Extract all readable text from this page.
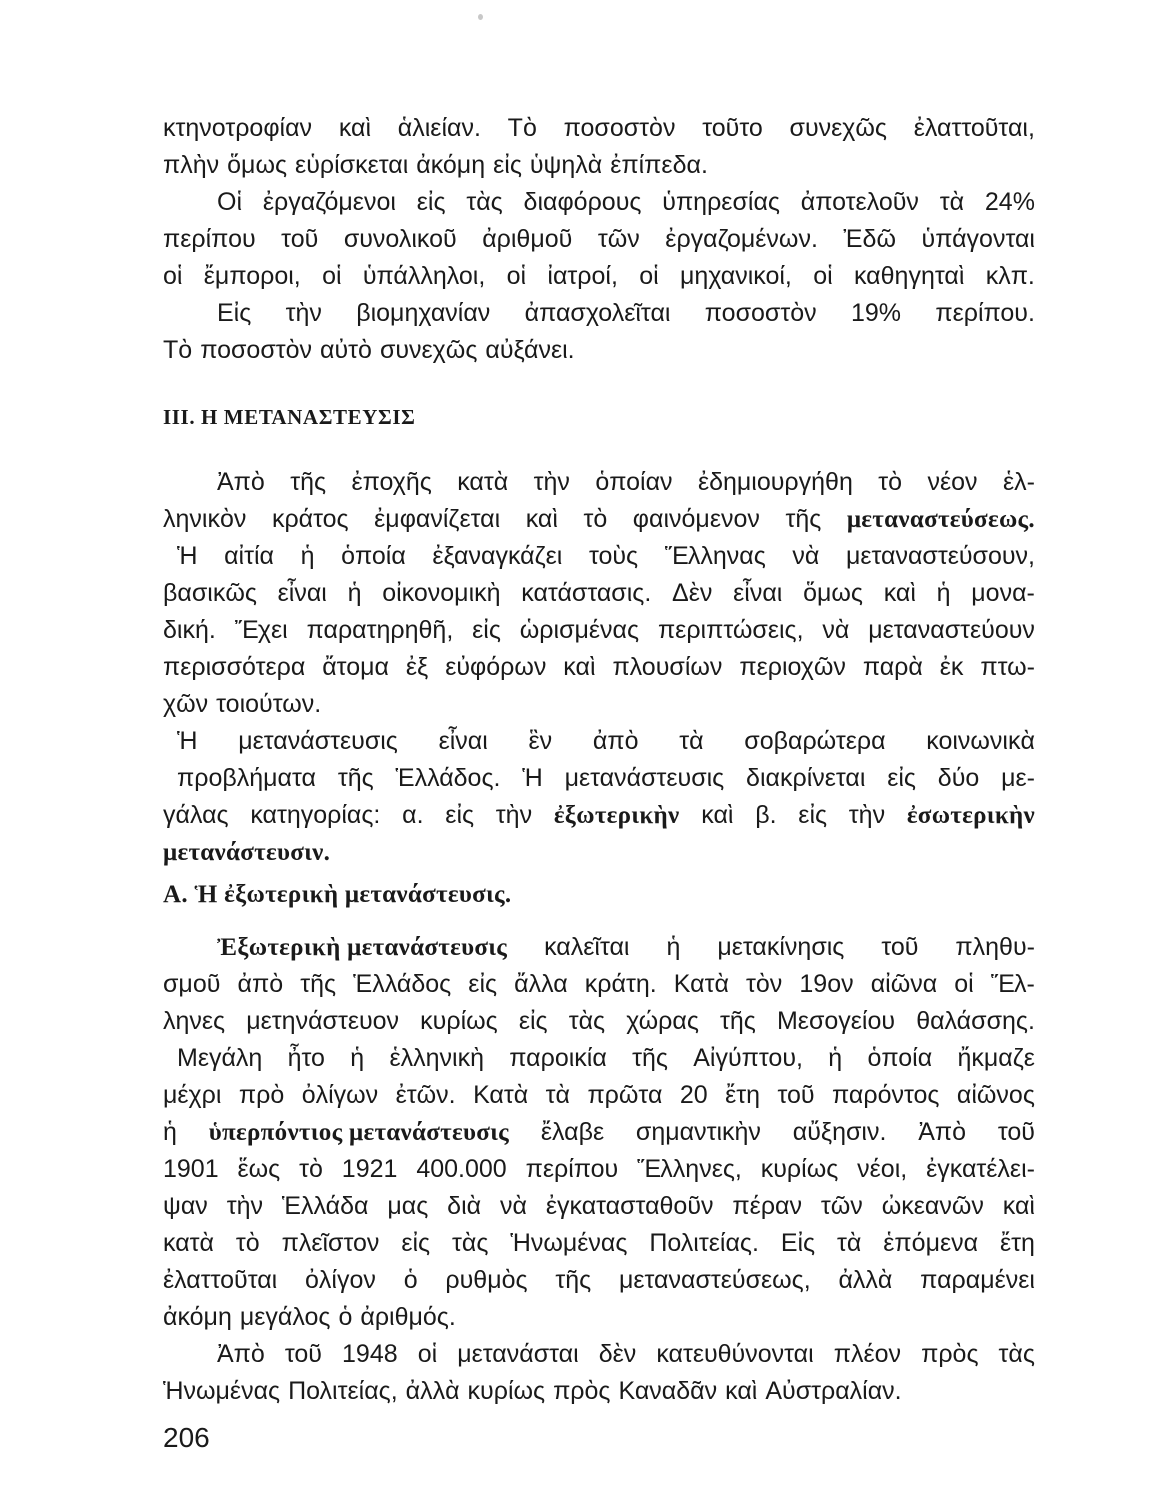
κτηνοτροφίαν καὶ ἁλιείαν. Τὸ ποσοστὸν τοῦτο συνεχῶς ἐλαττοῦται,
πλὴν ὅμως εὑρίσκεται ἀκόμη εἰς ὑψηλὰ ἐπίπεδα.
Οἱ ἐργαζόμενοι εἰς τὰς διαφόρους ὑπηρεσίας ἀποτελοῦν τὰ 24%
περίπου τοῦ συνολικοῦ ἀριθμοῦ τῶν ἐργαζομένων. Ἐδῶ ὑπάγονται
οἱ ἔμποροι, οἱ ὑπάλληλοι, οἱ ἰατροί, οἱ μηχανικοί, οἱ καθηγηταὶ κλπ.
Εἰς τὴν βιομηχανίαν ἀπασχολεῖται ποσοστὸν 19% περίπου.
Τὸ ποσοστὸν αὐτὸ συνεχῶς αὐξάνει.
ΙΙΙ. Η ΜΕΤΑΝΑΣΤΕΥΣΙΣ
Ἀπὸ τῆς ἐποχῆς κατὰ τὴν ὁποίαν ἐδημιουργήθη τὸ νέον ἑλ-
ληνικὸν κράτος ἐμφανίζεται καὶ τὸ φαινόμενον τῆς μεταναστεύσεως.
Ἡ αἰτία ἡ ὁποία ἐξαναγκάζει τοὺς Ἕλληνας νὰ μεταναστεύσουν,
βασικῶς εἶναι ἡ οἰκονομικὴ κατάστασις. Δὲν εἶναι ὅμως καὶ ἡ μονα-
δική. Ἔχει παρατηρηθῆ, εἰς ὡρισμένας περιπτώσεις, νὰ μεταναστεύουν
περισσότερα ἄτομα ἐξ εὐφόρων καὶ πλουσίων περιοχῶν παρὰ ἐκ πτω-
χῶν τοιούτων.
Ἡ μετανάστευσις εἶναι ἓν ἀπὸ τὰ σοβαρώτερα κοινωνικὰ
προβλήματα τῆς Ἑλλάδος. Ἡ μετανάστευσις διακρίνεται εἰς δύο με-
γάλας κατηγορίας: α. εἰς τὴν ἐξωτερικὴν καὶ β. εἰς τὴν ἐσωτερικὴν
μετανάστευσιν.
Α. Ἡ ἐξωτερικὴ μετανάστευσις.
Ἐξωτερικὴ μετανάστευσις καλεῖται ἡ μετακίνησις τοῦ πληθυ-
σμοῦ ἀπὸ τῆς Ἑλλάδος εἰς ἄλλα κράτη. Κατὰ τὸν 19ον αἰῶνα οἱ Ἕλ-
ληνες μετηνάστευον κυρίως εἰς τὰς χώρας τῆς Μεσογείου θαλάσσης.
Μεγάλη ἦτο ἡ ἑλληνικὴ παροικία τῆς Αἰγύπτου, ἡ ὁποία ἤκμαζε
μέχρι πρὸ ὀλίγων ἐτῶν. Κατὰ τὰ πρῶτα 20 ἔτη τοῦ παρόντος αἰῶνος
ἡ ὑπερπόντιος μετανάστευσις ἔλαβε σημαντικὴν αὔξησιν. Ἀπὸ τοῦ
1901 ἕως τὸ 1921 400.000 περίπου Ἕλληνες, κυρίως νέοι, ἐγκατέλει-
ψαν τὴν Ἑλλάδα μας διὰ νὰ ἐγκατασταθοῦν πέραν τῶν ὠκεανῶν καὶ
κατὰ τὸ πλεῖστον εἰς τὰς Ἡνωμένας Πολιτείας. Εἰς τὰ ἑπόμενα ἔτη
ἐλαττοῦται ὀλίγον ὁ ρυθμὸς τῆς μεταναστεύσεως, ἀλλὰ παραμένει
ἀκόμη μεγάλος ὁ ἀριθμός.
Ἀπὸ τοῦ 1948 οἱ μετανάσται δὲν κατευθύνονται πλέον πρὸς τὰς
Ἡνωμένας Πολιτείας, ἀλλὰ κυρίως πρὸς Καναδᾶν καὶ Αὐστραλίαν.
206
